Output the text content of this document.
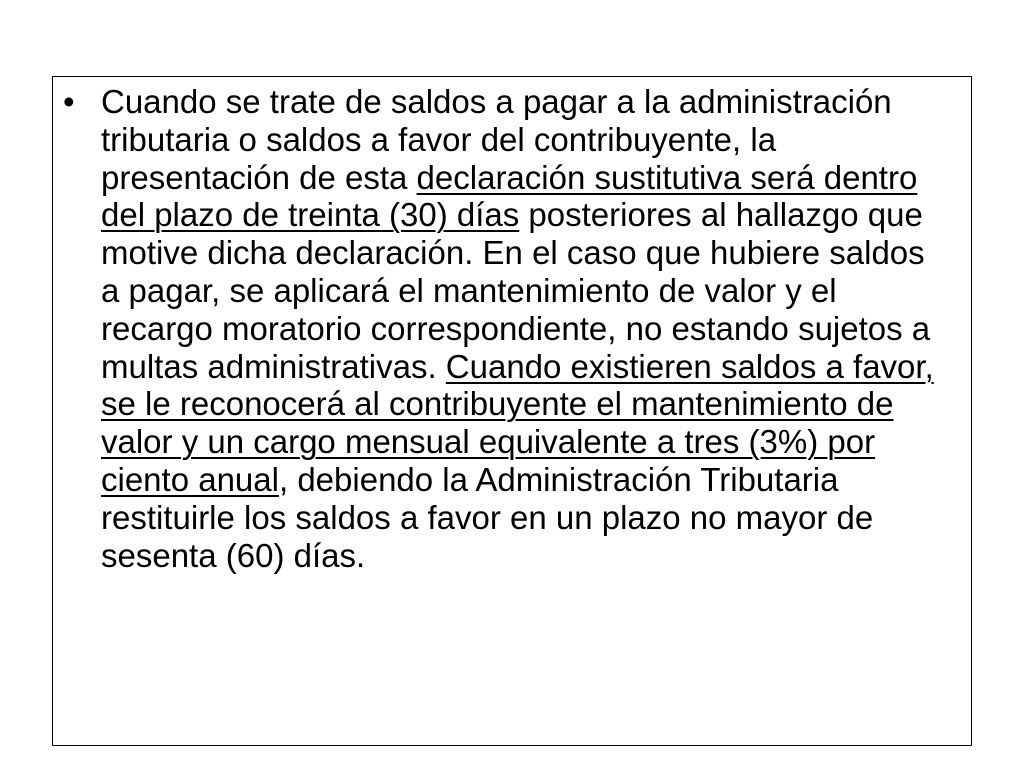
• Cuando se trate de saldos a pagar a la administración tributaria o saldos a favor del contribuyente, la presentación de esta declaración sustitutiva será dentro del plazo de treinta (30) días posteriores al hallazgo que motive dicha declaración. En el caso que hubiere saldos a pagar, se aplicará el mantenimiento de valor y el recargo moratorio correspondiente, no estando sujetos a multas administrativas. Cuando existieren saldos a favor, se le reconocerá al contribuyente el mantenimiento de valor y un cargo mensual equivalente a tres (3%) por ciento anual, debiendo la Administración Tributaria restituirle los saldos a favor en un plazo no mayor de sesenta (60) días.
